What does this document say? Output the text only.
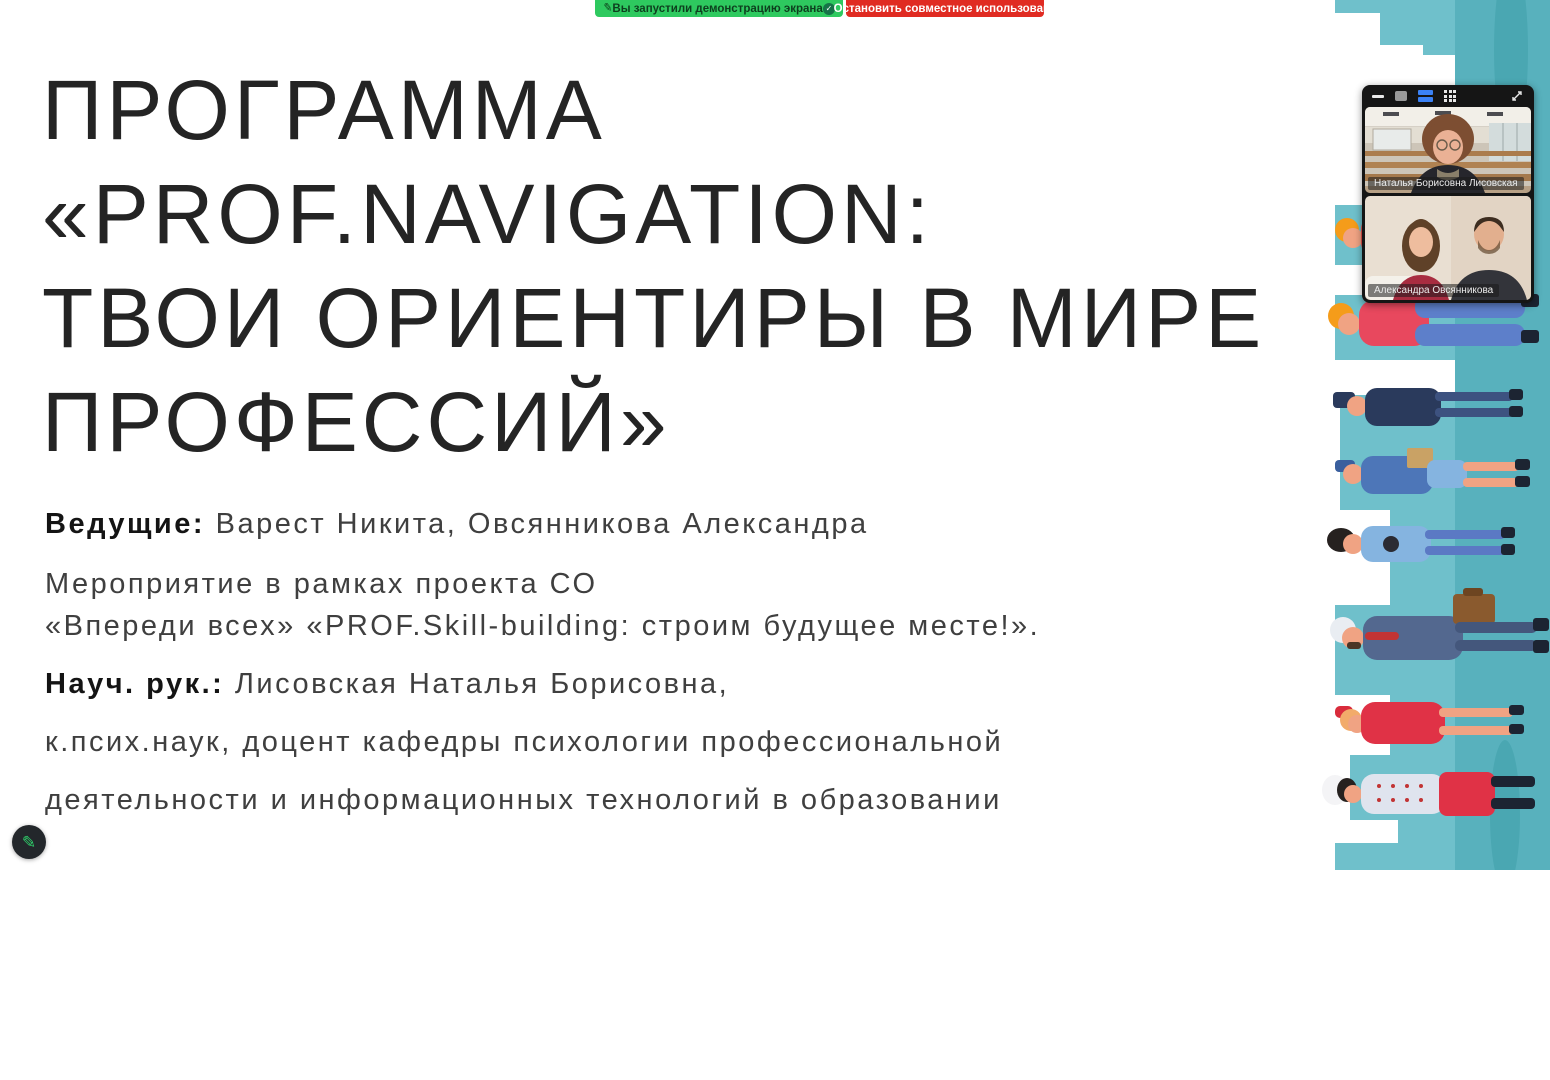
✎ Вы запустили демонстрацию экрана ✓ Остановить совместное использование
ПРОГРАММА
«PROF.NAVIGATION:
ТВОИ ОРИЕНТИРЫ В МИРЕ
ПРОФЕССИЙ»
Ведущие: Варест Никита, Овсянникова Александра
Мероприятие в рамках проекта СО
«Впереди всех» «PROF.Skill-building: строим будущее месте!».
Науч. рук.: Лисовская Наталья Борисовна,
к.псих.наук, доцент кафедры психологии профессиональной
деятельности и информационных технологий в образовании
Наталья Борисовна Лисовская
Александра Овсянникова
✎
